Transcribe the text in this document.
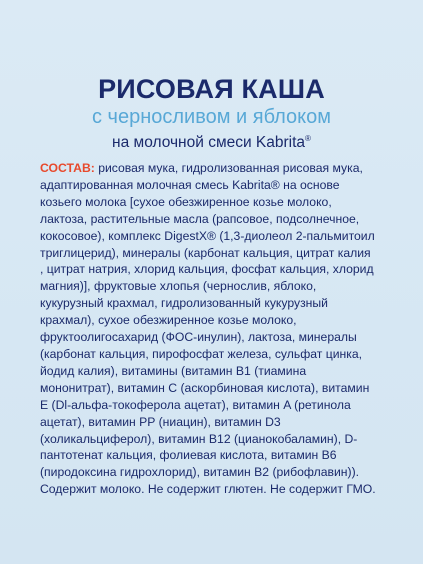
РИСОВАЯ КАША
с черносливом и яблоком
на молочной смеси Kabrita®

СОСТАВ: рисовая мука, гидролизованная рисовая мука,

адаптированная молочная смесь Kabrita® на основе

козьего молока [сухое обезжиренное козье молоко,

лактоза, растительные масла (рапсовое, подсолнечное,

кокосовое), комплекс DigestX® (1,3-диолеол 2-пальмитоил

триглицерид), минералы (карбонат кальция, цитрат калия

, цитрат натрия, хлорид кальция, фосфат кальция, хлорид

магния)], фруктовые хлопья (чернослив, яблоко,

кукурузный крахмал, гидролизованный кукурузный

крахмал), сухое обезжиренное козье молоко,

фруктоолигосахарид (ФОС-инулин), лактоза, минералы

(карбонат кальция, пирофосфат железа, сульфат цинка,

йодид калия), витамины (витамин B1 (тиамина

мононитрат), витамин С (аскорбиновая кислота), витамин

E (Dl-альфа-токоферола ацетат), витамин A (ретинола

ацетат), витамин PP (ниацин), витамин D3

(холикальциферол), витамин B12 (цианокобаламин), D-

пантотенат кальция, фолиевая кислота, витамин B6

(пиродоксина гидрохлорид), витамин B2 (рибофлавин)).

Содержит молоко. Не содержит глютен. Не содержит ГМО.
